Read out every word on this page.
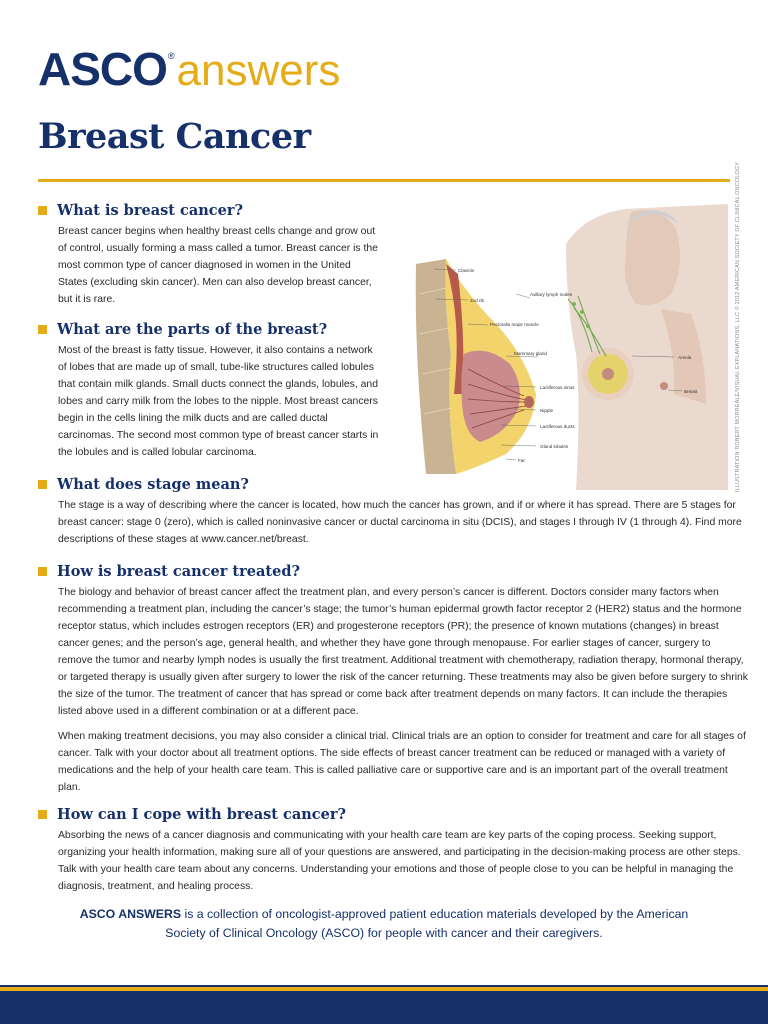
ASCO ® answers
Breast Cancer
What is breast cancer?

Breast cancer begins when healthy breast cells change and grow out of control, usually forming a mass called a tumor. Breast cancer is the most common type of cancer diagnosed in women in the United States (excluding skin cancer). Men can also develop breast cancer, but it is rare.

What are the parts of the breast?

Most of the breast is fatty tissue. However, it also contains a network of lobes that are made up of small, tube-like structures called lobules that contain milk glands. Small ducts connect the glands, lobules, and lobes and carry milk from the lobes to the nipple. Most breast cancers begin in the cells lining the milk ducts and are called ductal carcinomas. The second most common type of breast cancer starts in the lobules and is called lobular carcinoma.

What does stage mean?

The stage is a way of describing where the cancer is located, how much the cancer has grown, and if or where it has spread. There are 5 stages for breast cancer: stage 0 (zero), which is called noninvasive cancer or ductal carcinoma in situ (DCIS), and stages I through IV (1 through 4). Find more descriptions of these stages at www.cancer.net/breast.

How is breast cancer treated?

The biology and behavior of breast cancer affect the treatment plan, and every person’s cancer is different. Doctors consider many factors when recommending a treatment plan, including the cancer’s stage; the tumor’s human epidermal growth factor receptor 2 (HER2) status and the hormone receptor status, which includes estrogen receptors (ER) and progesterone receptors (PR); the presence of known mutations (changes) in breast cancer genes; and the person’s age, general health, and whether they have gone through menopause. For earlier stages of cancer, surgery to remove the tumor and nearby lymph nodes is usually the first treatment. Additional treatment with chemotherapy, radiation therapy, hormonal therapy, or targeted therapy is usually given after surgery to lower the risk of the cancer returning. These treatments may also be given before surgery to shrink the size of the tumor. The treatment of cancer that has spread or come back after treatment depends on many factors. It can include the therapies listed above used in a different combination or at a different pace.

When making treatment decisions, you may also consider a clinical trial. Clinical trials are an option to consider for treatment and care for all stages of cancer. Talk with your doctor about all treatment options. The side effects of breast cancer treatment can be reduced or managed with a variety of medications and the help of your health care team. This is called palliative care or supportive care and is an important part of the overall treatment plan.

How can I cope with breast cancer?

Absorbing the news of a cancer diagnosis and communicating with your health care team are key parts of the coping process. Seeking support, organizing your health information, making sure all of your questions are answered, and participating in the decision-making process are other steps. Talk with your health care team about any concerns. Understanding your emotions and those of people close to you can be helpful in managing the diagnosis, treatment, and healing process.

Clavicle
2nd rib
Pectoralis major muscle
Axillary lymph nodes
Mammary gland
Lactiferous sinus
Nipple
Lactiferous ducts
Gland lobules
Fat
Areola
Breast	ILLUSTRATION ROBERT MORREALE/VISUAL EXPLANATIONS, LLC © 2012 AMERICAN SOCIETY OF CLINICAL ONCOLOGY

ASCO ANSWERS is a collection of oncologist-approved patient education materials developed by the American Society of Clinical Oncology (ASCO) for people with cancer and their caregivers.
